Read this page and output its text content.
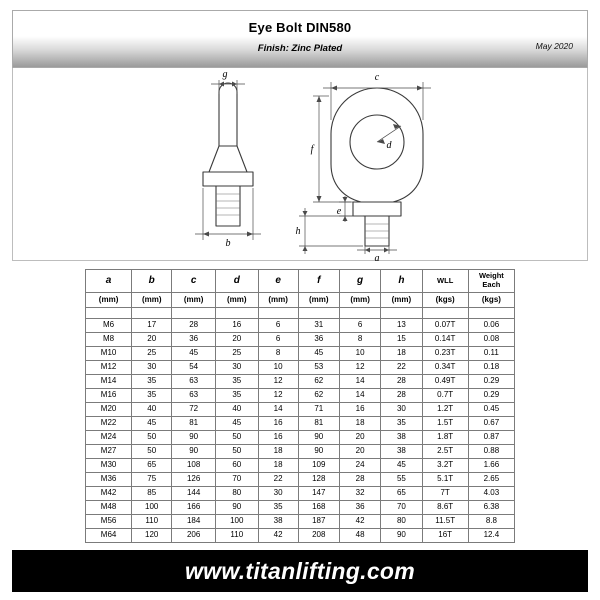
Eye Bolt DIN580
Finish: Zinc Plated	May 2020
g
b
c
d
f
e
h
a
a	b	c	d	e	f	g	h	WLL	Weight
Each
(mm)	(mm)	(mm)	(mm)	(mm)	(mm)	(mm)	(mm)	(kgs)	(kgs)

M6	17	28	16	6	31	6	13	0.07T	0.06
M8	20	36	20	6	36	8	15	0.14T	0.08
M10	25	45	25	8	45	10	18	0.23T	0.11
M12	30	54	30	10	53	12	22	0.34T	0.18
M14	35	63	35	12	62	14	28	0.49T	0.29
M16	35	63	35	12	62	14	28	0.7T	0.29
M20	40	72	40	14	71	16	30	1.2T	0.45
M22	45	81	45	16	81	18	35	1.5T	0.67
M24	50	90	50	16	90	20	38	1.8T	0.87
M27	50	90	50	18	90	20	38	2.5T	0.88
M30	65	108	60	18	109	24	45	3.2T	1.66
M36	75	126	70	22	128	28	55	5.1T	2.65
M42	85	144	80	30	147	32	65	7T	4.03
M48	100	166	90	35	168	36	70	8.6T	6.38
M56	110	184	100	38	187	42	80	11.5T	8.8
M64	120	206	110	42	208	48	90	16T	12.4
www.titanlifting.com
